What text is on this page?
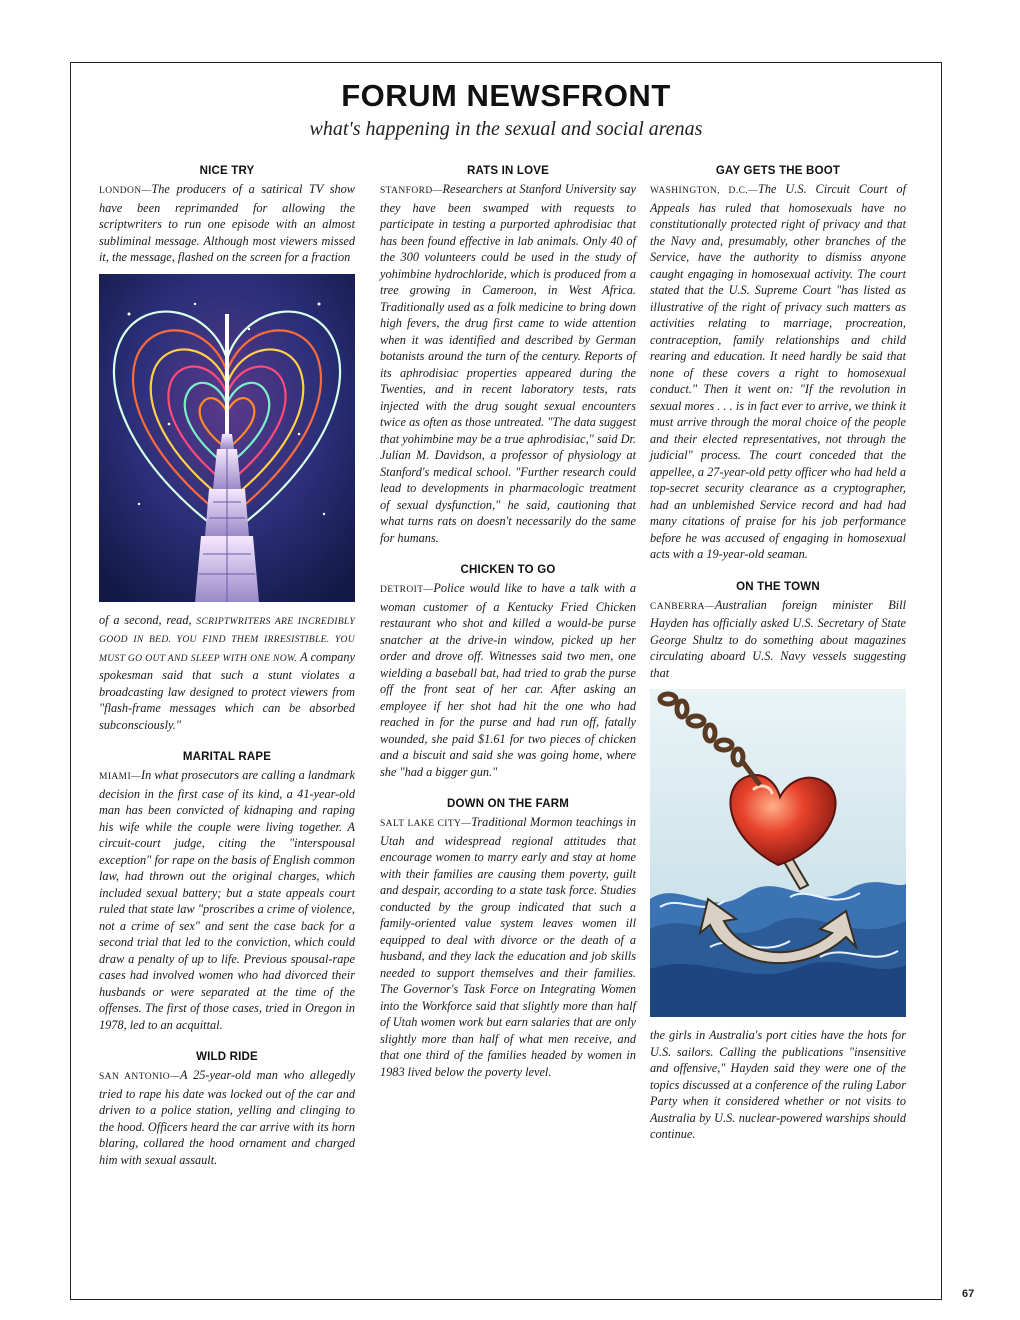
FORUM NEWSFRONT
what's happening in the sexual and social arenas
NICE TRY

LONDON—The producers of a satirical TV show have been reprimanded for allowing the scriptwriters to run one episode with an almost subliminal message. Although most viewers missed it, the message, flashed on the screen for a fraction

of a second, read, SCRIPTWRITERS ARE INCREDIBLY GOOD IN BED. YOU FIND THEM IRRESISTIBLE. YOU MUST GO OUT AND SLEEP WITH ONE NOW. A company spokesman said that such a stunt violates a broadcasting law designed to protect viewers from "flash-frame messages which can be absorbed subconsciously."

MARITAL RAPE

MIAMI—In what prosecutors are calling a landmark decision in the first case of its kind, a 41-year-old man has been convicted of kidnaping and raping his wife while the couple were living together. A circuit-court judge, citing the "interspousal exception" for rape on the basis of English common law, had thrown out the original charges, which included sexual battery; but a state appeals court ruled that state law "proscribes a crime of violence, not a crime of sex" and sent the case back for a second trial that led to the conviction, which could draw a penalty of up to life. Previous spousal-rape cases had involved women who had divorced their husbands or were separated at the time of the offenses. The first of those cases, tried in Oregon in 1978, led to an acquittal.

WILD RIDE

SAN ANTONIO—A 25-year-old man who allegedly tried to rape his date was locked out of the car and driven to a police station, yelling and clinging to the hood. Officers heard the car arrive with its horn blaring, collared the hood ornament and charged him with sexual assault.

RATS IN LOVE

STANFORD—Researchers at Stanford University say they have been swamped with requests to participate in testing a purported aphrodisiac that has been found effective in lab animals. Only 40 of the 300 volunteers could be used in the study of yohimbine hydrochloride, which is produced from a tree growing in Cameroon, in West Africa. Traditionally used as a folk medicine to bring down high fevers, the drug first came to wide attention when it was identified and described by German botanists around the turn of the century. Reports of its aphrodisiac properties appeared during the Twenties, and in recent laboratory tests, rats injected with the drug sought sexual encounters twice as often as those untreated. "The data suggest that yohimbine may be a true aphrodisiac," said Dr. Julian M. Davidson, a professor of physiology at Stanford's medical school. "Further research could lead to developments in pharmacologic treatment of sexual dysfunction," he said, cautioning that what turns rats on doesn't necessarily do the same for humans.

CHICKEN TO GO

DETROIT—Police would like to have a talk with a woman customer of a Kentucky Fried Chicken restaurant who shot and killed a would-be purse snatcher at the drive-in window, picked up her order and drove off. Witnesses said two men, one wielding a baseball bat, had tried to grab the purse off the front seat of her car. After asking an employee if her shot had hit the one who had reached in for the purse and had run off, fatally wounded, she paid $1.61 for two pieces of chicken and a biscuit and said she was going home, where she "had a bigger gun."

DOWN ON THE FARM

SALT LAKE CITY—Traditional Mormon teachings in Utah and widespread regional attitudes that encourage women to marry early and stay at home with their families are causing them poverty, guilt and despair, according to a state task force. Studies conducted by the group indicated that such a family-oriented value system leaves women ill equipped to deal with divorce or the death of a husband, and they lack the education and job skills needed to support themselves and their families. The Governor's Task Force on Integrating Women into the Workforce said that slightly more than half of Utah women work but earn salaries that are only slightly more than half of what men receive, and that one third of the families headed by women in 1983 lived below the poverty level.

GAY GETS THE BOOT

WASHINGTON, D.C.—The U.S. Circuit Court of Appeals has ruled that homosexuals have no constitutionally protected right of privacy and that the Navy and, presumably, other branches of the Service, have the authority to dismiss anyone caught engaging in homosexual activity. The court stated that the U.S. Supreme Court "has listed as illustrative of the right of privacy such matters as activities relating to marriage, procreation, contraception, family relationships and child rearing and education. It need hardly be said that none of these covers a right to homosexual conduct." Then it went on: "If the revolution in sexual mores . . . is in fact ever to arrive, we think it must arrive through the moral choice of the people and their elected representatives, not through the judicial" process. The court conceded that the appellee, a 27-year-old petty officer who had held a top-secret security clearance as a cryptographer, had an unblemished Service record and had had many citations of praise for his job performance before he was accused of engaging in homosexual acts with a 19-year-old seaman.

ON THE TOWN

CANBERRA—Australian foreign minister Bill Hayden has officially asked U.S. Secretary of State George Shultz to do something about magazines circulating aboard U.S. Navy vessels suggesting that

the girls in Australia's port cities have the hots for U.S. sailors. Calling the publications "insensitive and offensive," Hayden said they were one of the topics discussed at a conference of the ruling Labor Party when it considered whether or not visits to Australia by U.S. nuclear-powered warships should continue.

67
